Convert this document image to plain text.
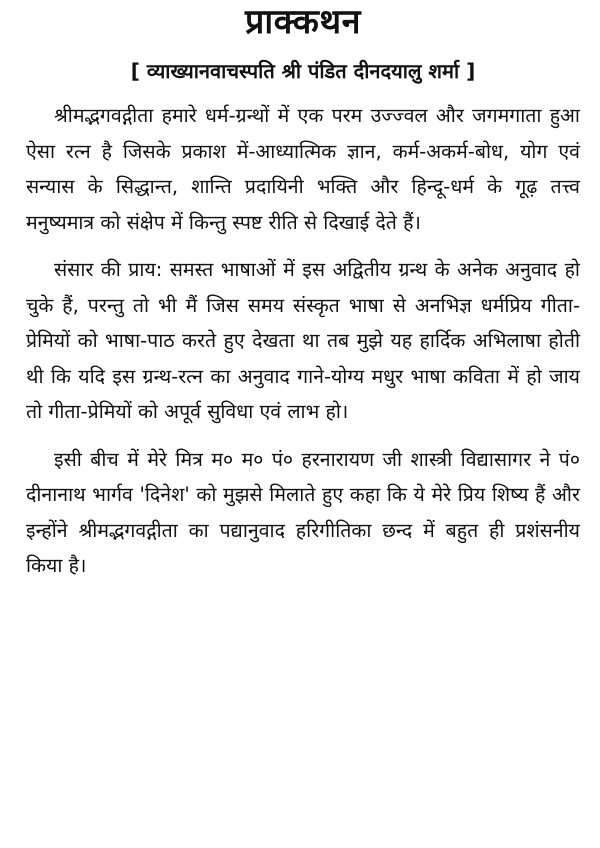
प्राक्कथन
[ व्याख्यानवाचस्पति श्री पंडित दीनदयालु शर्मा ]

श्रीमद्भगवद्गीता हमारे धर्म-ग्रन्थों में एक परम उज्ज्वल और जगमगाता हुआ ऐसा रत्न है जिसके प्रकाश में-आध्यात्मिक ज्ञान, कर्म-अकर्म-बोध, योग एवं सन्यास के सिद्धान्त, शान्ति प्रदायिनी भक्ति और हिन्दू-धर्म के गूढ़ तत्त्व मनुष्यमात्र को संक्षेप में किन्तु स्पष्ट रीति से दिखाई देते हैं।

संसार की प्राय: समस्त भाषाओं में इस अद्वितीय ग्रन्थ के अनेक अनुवाद हो चुके हैं, परन्तु तो भी मैं जिस समय संस्कृत भाषा से अनभिज्ञ धर्मप्रिय गीता-प्रेमियों को भाषा-पाठ करते हुए देखता था तब मुझे यह हार्दिक अभिलाषा होती थी कि यदि इस ग्रन्थ-रत्न का अनुवाद गाने-योग्य मधुर भाषा कविता में हो जाय तो गीता-प्रेमियों को अपूर्व सुविधा एवं लाभ हो।

इसी बीच में मेरे मित्र म० म० पं० हरनारायण जी शास्त्री विद्यासागर ने पं० दीनानाथ भार्गव 'दिनेश' को मुझसे मिलाते हुए कहा कि ये मेरे प्रिय शिष्य हैं और इन्होंने श्रीमद्भगवद्गीता का पद्यानुवाद हरिगीतिका छन्द में बहुत ही प्रशंसनीय किया है।
